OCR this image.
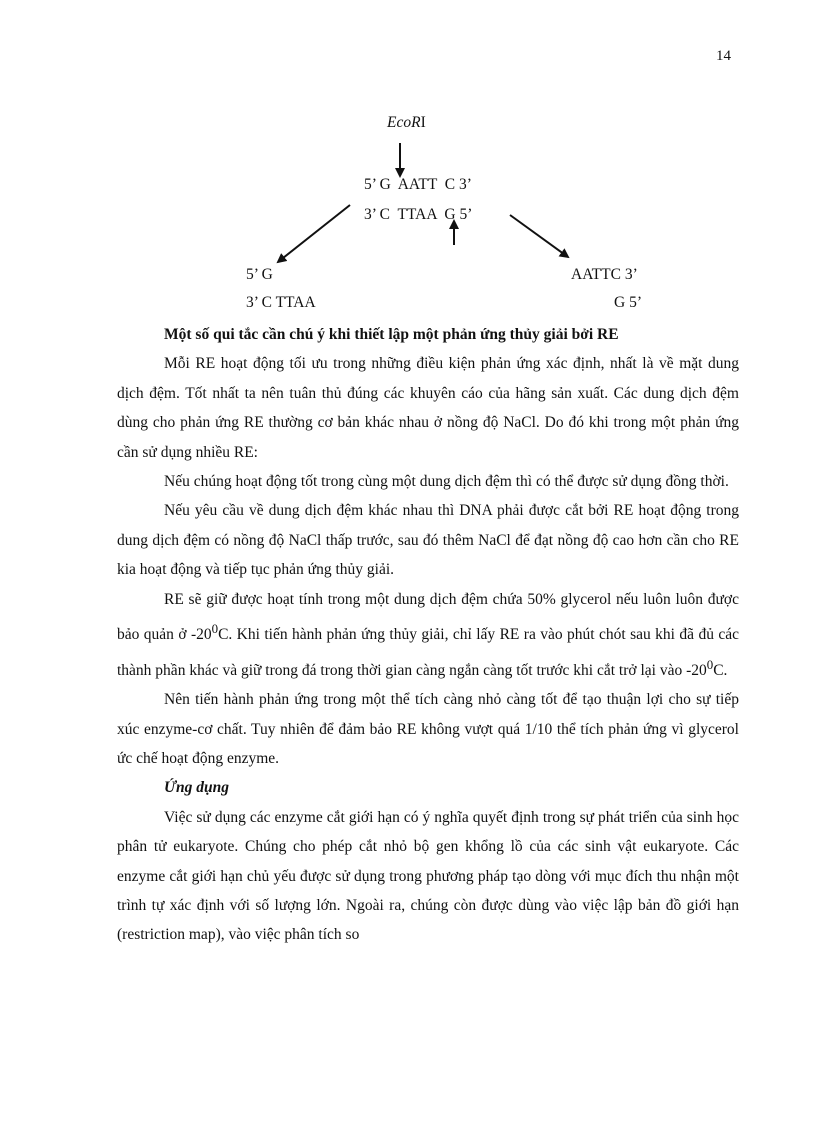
14
EcoRI
5’ G  AATT  C 3’
3’ C  TTAA  G 5’
5’ G
3’ C TTAA
AATTC 3’
G 5’

Một số qui tắc cần chú ý khi thiết lập một phản ứng thủy giải bởi RE

Mỗi RE hoạt động tối ưu trong những điều kiện phản ứng xác định, nhất là về mặt dung dịch đệm. Tốt nhất ta nên tuân thủ đúng các khuyên cáo của hãng sản xuất. Các dung dịch đệm dùng cho phản ứng RE thường cơ bản khác nhau ở nồng độ NaCl. Do đó khi trong một phản ứng cần sử dụng nhiều RE:

Nếu chúng hoạt động tốt trong cùng một dung dịch đệm thì có thể được sử dụng đồng thời.

Nếu yêu cầu về dung dịch đệm khác nhau thì DNA phải được cắt bởi RE hoạt động trong dung dịch đệm có nồng độ NaCl thấp trước, sau đó thêm NaCl để đạt nồng độ cao hơn cần cho RE kia hoạt động và tiếp tục phản ứng thủy giải.

RE sẽ giữ được hoạt tính trong một dung dịch đệm chứa 50% glycerol nếu luôn luôn được bảo quản ở $-20^0C$. Khi tiến hành phản ứng thủy giải, chỉ lấy RE ra vào phút chót sau khi đã đủ các thành phần khác và giữ trong đá trong thời gian càng ngắn càng tốt trước khi cắt trở lại vào $-20^0C$.

Nên tiến hành phản ứng trong một thể tích càng nhỏ càng tốt để tạo thuận lợi cho sự tiếp xúc enzyme-cơ chất. Tuy nhiên để đảm bảo RE không vượt quá 1/10 thể tích phản ứng vì glycerol ức chế hoạt động enzyme.

Ứng dụng

Việc sử dụng các enzyme cắt giới hạn có ý nghĩa quyết định trong sự phát triển của sinh học phân tử eukaryote. Chúng cho phép cắt nhỏ bộ gen khổng lồ của các sinh vật eukaryote. Các enzyme cắt giới hạn chủ yếu được sử dụng trong phương pháp tạo dòng với mục đích thu nhận một trình tự xác định với số lượng lớn. Ngoài ra, chúng còn được dùng vào việc lập bản đồ giới hạn (restriction map), vào việc phân tích so
